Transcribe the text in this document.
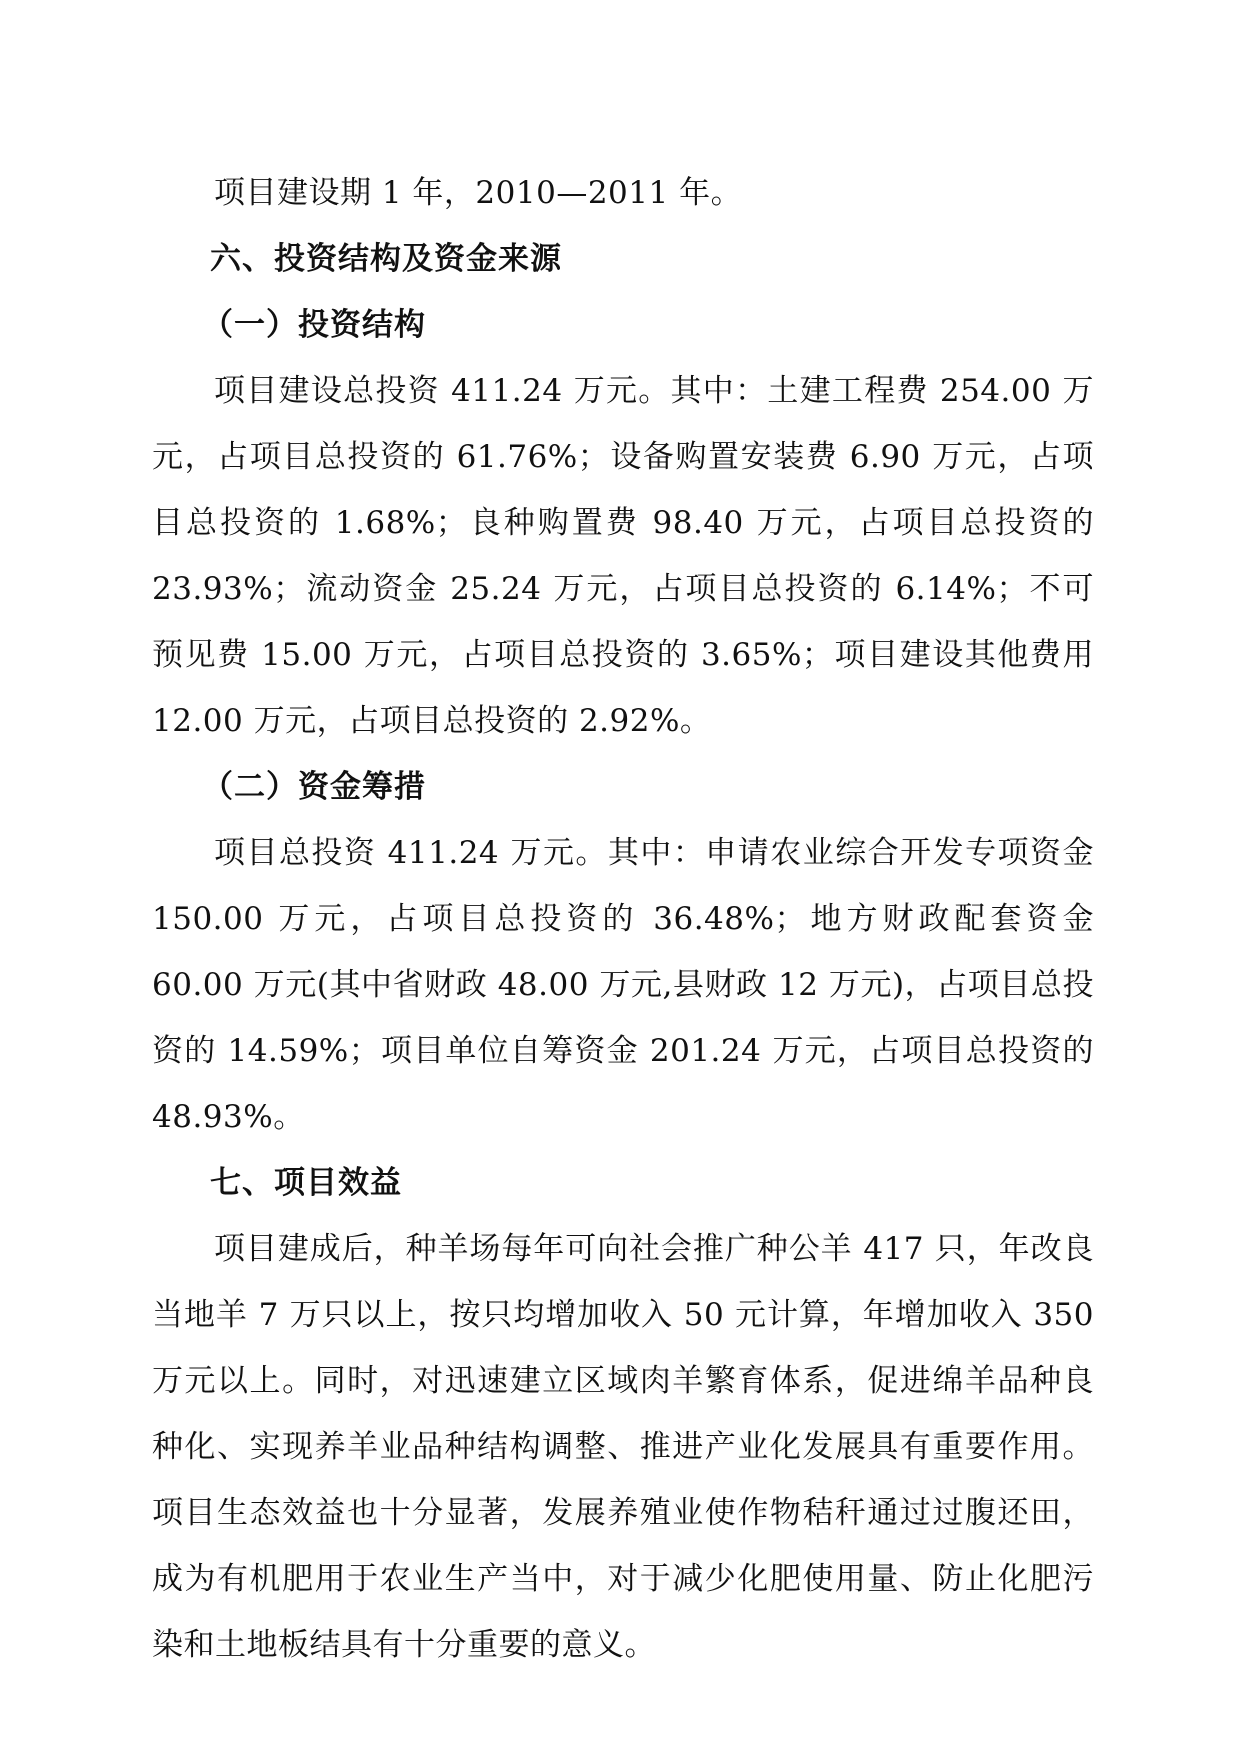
项目建设期 1 年，2010—2011 年。

六、投资结构及资金来源

（一）投资结构

项目建设总投资 411.24 万元。其中：土建工程费 254.00 万元，占项目总投资的 61.76%；设备购置安装费 6.90 万元，占项目总投资的 1.68%；良种购置费 98.40 万元，占项目总投资的 23.93%；流动资金 25.24 万元，占项目总投资的 6.14%；不可预见费 15.00 万元，占项目总投资的 3.65%；项目建设其他费用 12.00 万元，占项目总投资的 2.92%。

（二）资金筹措

项目总投资 411.24 万元。其中：申请农业综合开发专项资金 150.00 万元，占项目总投资的 36.48%；地方财政配套资金 60.00 万元(其中省财政 48.00 万元,县财政 12 万元)，占项目总投资的 14.59%；项目单位自筹资金 201.24 万元，占项目总投资的 48.93%。

七、项目效益

项目建成后，种羊场每年可向社会推广种公羊 417 只，年改良当地羊 7 万只以上，按只均增加收入 50 元计算，年增加收入 350 万元以上。同时，对迅速建立区域肉羊繁育体系，促进绵羊品种良种化、实现养羊业品种结构调整、推进产业化发展具有重要作用。项目生态效益也十分显著，发展养殖业使作物秸秆通过过腹还田，成为有机肥用于农业生产当中，对于减少化肥使用量、防止化肥污染和土地板结具有十分重要的意义。
